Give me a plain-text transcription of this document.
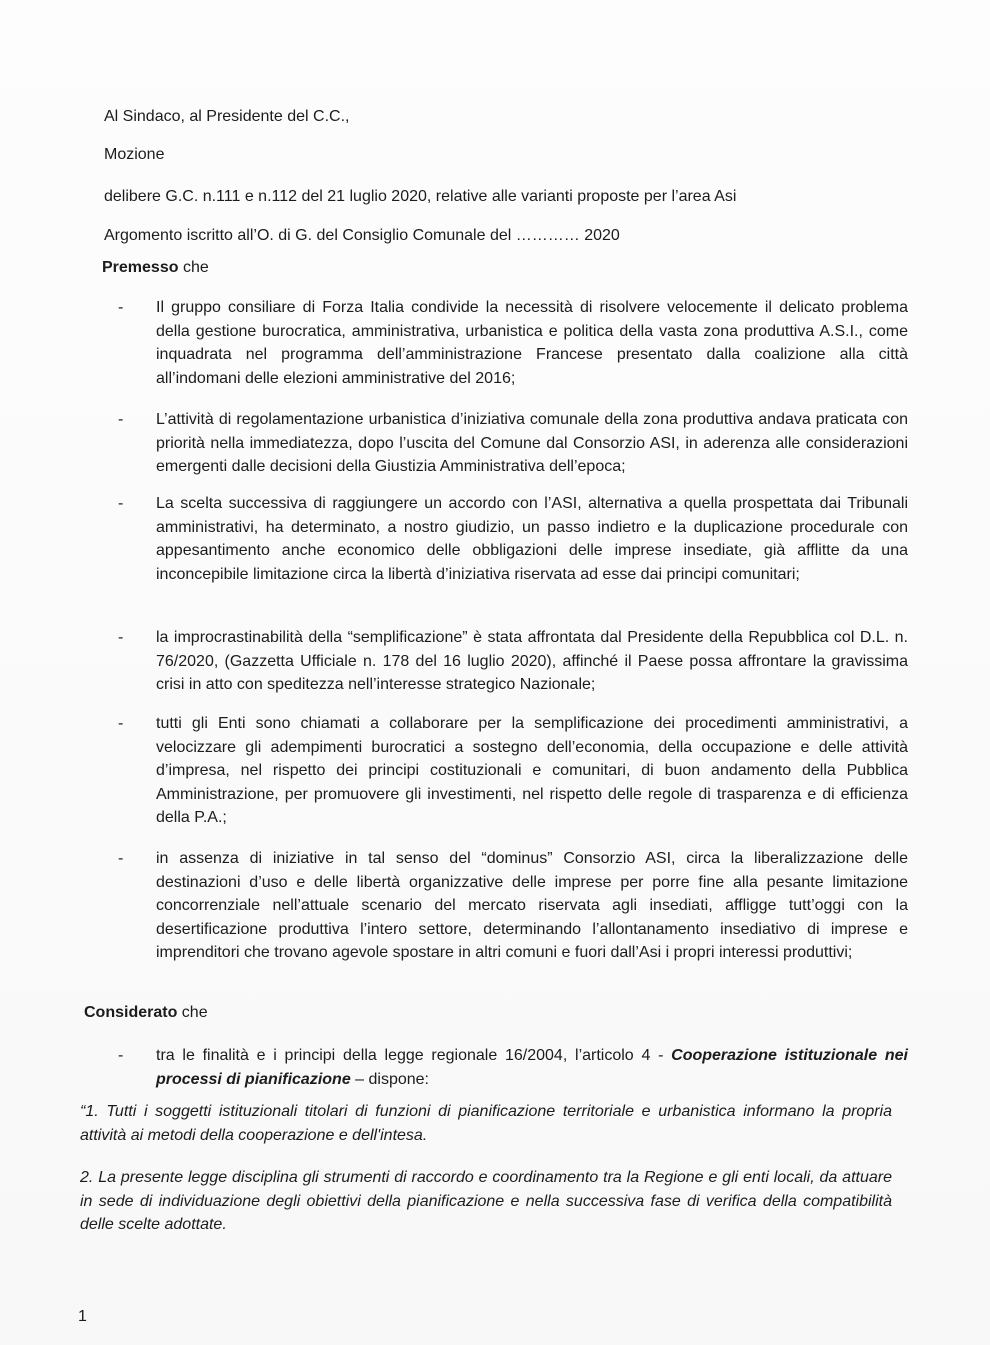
Al Sindaco, al Presidente del C.C.,
Mozione
delibere G.C. n.111 e n.112 del 21 luglio 2020, relative alle varianti proposte per l’area Asi
Argomento iscritto all’O. di G. del Consiglio Comunale del ………… 2020
Premesso che
-	Il gruppo consiliare di Forza Italia condivide la necessità di risolvere velocemente il delicato problema della gestione burocratica, amministrativa, urbanistica e politica della vasta zona produttiva A.S.I., come inquadrata nel programma dell’amministrazione Francese presentato dalla coalizione alla città all’indomani delle elezioni amministrative del 2016;
-	L’attività di regolamentazione urbanistica d’iniziativa comunale della zona produttiva andava praticata con priorità nella immediatezza, dopo l’uscita del Comune dal Consorzio ASI, in aderenza alle considerazioni emergenti dalle decisioni della Giustizia Amministrativa dell’epoca;
-	La scelta successiva di raggiungere un accordo con l’ASI, alternativa a quella prospettata dai Tribunali amministrativi, ha determinato, a nostro giudizio, un passo indietro e la duplicazione procedurale con appesantimento anche economico delle obbligazioni delle imprese insediate, già afflitte da una inconcepibile limitazione circa la libertà d’iniziativa riservata ad esse dai principi comunitari;
-	la improcrastinabilità della “semplificazione” è stata affrontata dal Presidente della Repubblica col D.L. n. 76/2020, (Gazzetta Ufficiale n. 178 del 16 luglio 2020), affinché il Paese possa affrontare la gravissima crisi in atto con speditezza nell’interesse strategico Nazionale;
-	tutti gli Enti sono chiamati a collaborare per la semplificazione dei procedimenti amministrativi, a velocizzare gli adempimenti burocratici a sostegno dell’economia, della occupazione e delle attività d’impresa, nel rispetto dei principi costituzionali e comunitari, di buon andamento della Pubblica Amministrazione, per promuovere gli investimenti, nel rispetto delle regole di trasparenza e di efficienza della P.A.;
-	in assenza di iniziative in tal senso del “dominus” Consorzio ASI, circa la liberalizzazione delle destinazioni d’uso e delle libertà organizzative delle imprese per porre fine alla pesante limitazione concorrenziale nell’attuale scenario del mercato riservata agli insediati, affligge tutt’oggi con la desertificazione produttiva l’intero settore, determinando l’allontanamento insediativo di imprese e imprenditori che trovano agevole spostare in altri comuni e fuori dall’Asi i propri interessi produttivi;
Considerato che
-	tra le finalità e i principi della legge regionale 16/2004, l’articolo 4 - Cooperazione istituzionale nei processi di pianificazione – dispone:
“1. Tutti i soggetti istituzionali titolari di funzioni di pianificazione territoriale e urbanistica informano la propria attività ai metodi della cooperazione e dell'intesa.
2. La presente legge disciplina gli strumenti di raccordo e coordinamento tra la Regione e gli enti locali, da attuare in sede di individuazione degli obiettivi della pianificazione e nella successiva fase di verifica della compatibilità delle scelte adottate.
1
